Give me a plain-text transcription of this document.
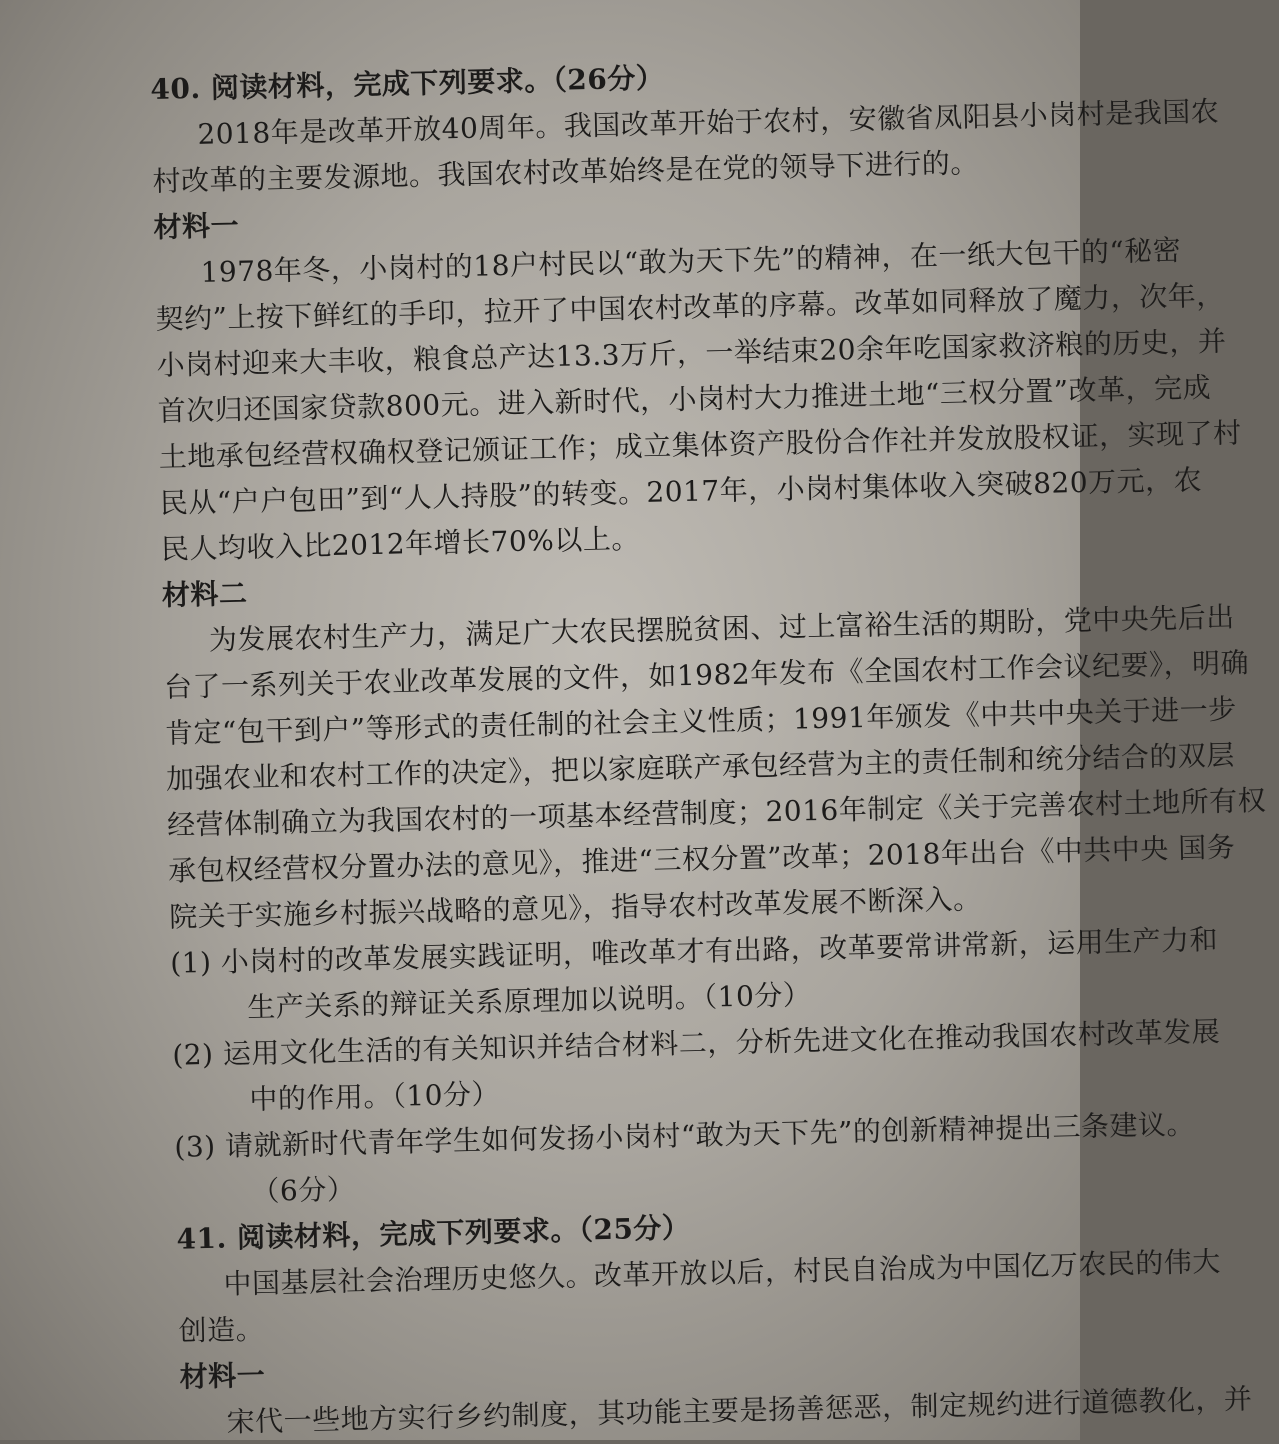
40. 阅读材料，完成下列要求。（26分）
2018年是改革开放40周年。我国改革开始于农村，安徽省凤阳县小岗村是我国农
村改革的主要发源地。我国农村改革始终是在党的领导下进行的。
材料一
1978年冬，小岗村的18户村民以“敢为天下先”的精神，在一纸大包干的“秘密
契约”上按下鲜红的手印，拉开了中国农村改革的序幕。改革如同释放了魔力，次年，
小岗村迎来大丰收，粮食总产达13.3万斤，一举结束20余年吃国家救济粮的历史，并
首次归还国家贷款800元。进入新时代，小岗村大力推进土地“三权分置”改革，完成
土地承包经营权确权登记颁证工作；成立集体资产股份合作社并发放股权证，实现了村
民从“户户包田”到“人人持股”的转变。2017年，小岗村集体收入突破820万元，农
民人均收入比2012年增长70%以上。
材料二
为发展农村生产力，满足广大农民摆脱贫困、过上富裕生活的期盼，党中央先后出
台了一系列关于农业改革发展的文件，如1982年发布《全国农村工作会议纪要》，明确
肯定“包干到户”等形式的责任制的社会主义性质；1991年颁发《中共中央关于进一步
加强农业和农村工作的决定》，把以家庭联产承包经营为主的责任制和统分结合的双层
经营体制确立为我国农村的一项基本经营制度；2016年制定《关于完善农村土地所有权
承包权经营权分置办法的意见》，推进“三权分置”改革；2018年出台《中共中央 国务
院关于实施乡村振兴战略的意见》，指导农村改革发展不断深入。
(1) 小岗村的改革发展实践证明，唯改革才有出路，改革要常讲常新，运用生产力和
生产关系的辩证关系原理加以说明。（10分）
(2) 运用文化生活的有关知识并结合材料二，分析先进文化在推动我国农村改革发展
中的作用。（10分）
(3) 请就新时代青年学生如何发扬小岗村“敢为天下先”的创新精神提出三条建议。
（6分）
41. 阅读材料，完成下列要求。（25分）
中国基层社会治理历史悠久。改革开放以后，村民自治成为中国亿万农民的伟大
创造。
材料一
宋代一些地方实行乡约制度，其功能主要是扬善惩恶，制定规约进行道德教化，并
